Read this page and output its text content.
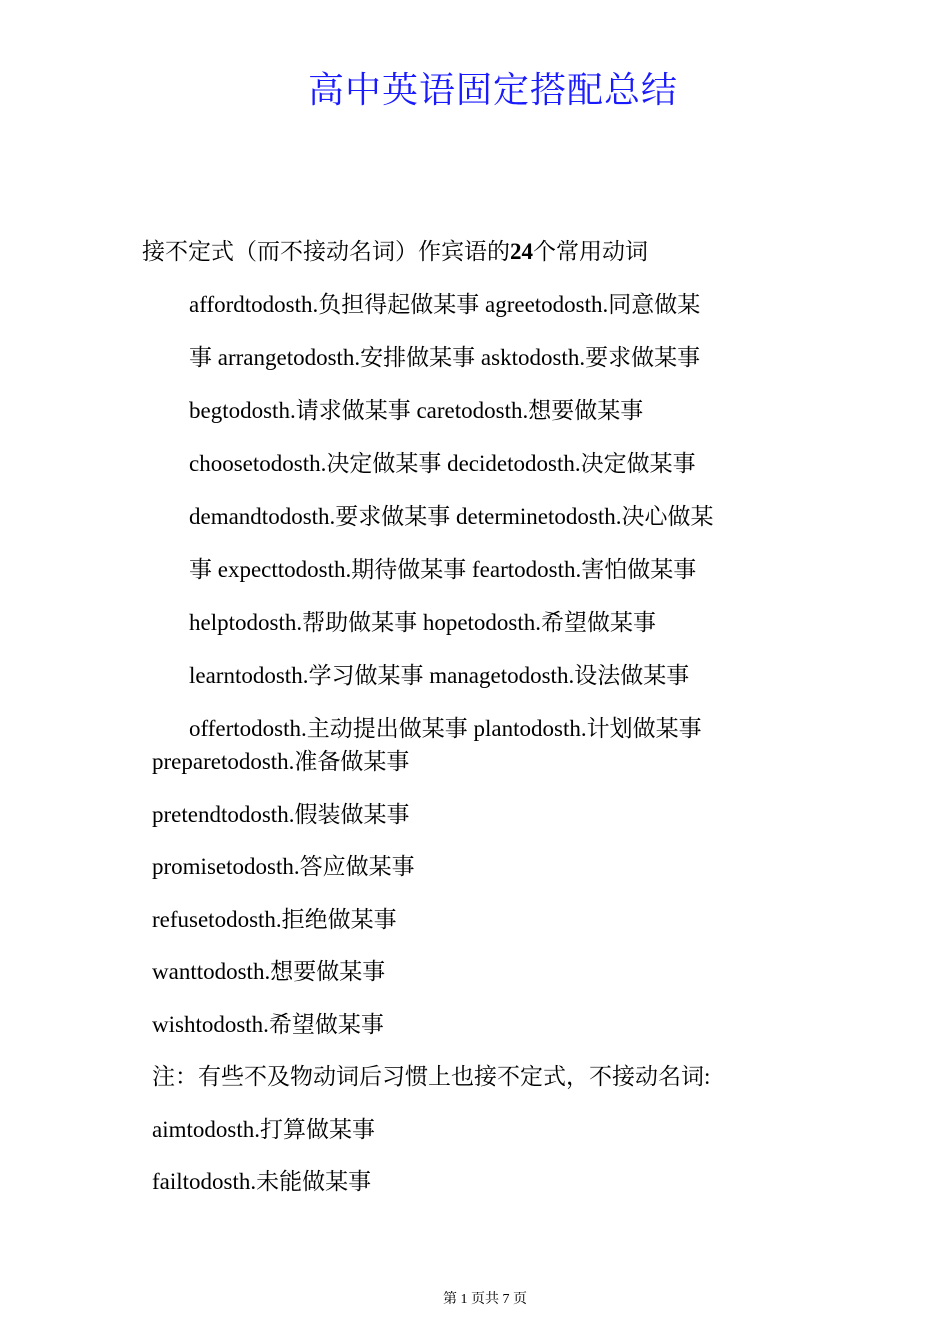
高中英语固定搭配总结
接不定式（而不接动名词）作宾语的24个常用动词
affordtodosth.负担得起做某事 agreetodosth.同意做某
事 arrangetodosth.安排做某事 asktodosth.要求做某事
begtodosth.请求做某事 caretodosth.想要做某事
choosetodosth.决定做某事 decidetodosth.决定做某事
demandtodosth.要求做某事 determinetodosth.决心做某
事 expecttodosth.期待做某事 feartodosth.害怕做某事
helptodosth.帮助做某事 hopetodosth.希望做某事
learntodosth.学习做某事 managetodosth.设法做某事
offertodosth.主动提出做某事 plantodosth.计划做某事
preparetodosth.准备做某事
pretendtodosth.假装做某事
promisetodosth.答应做某事
refusetodosth.拒绝做某事
wanttodosth.想要做某事
wishtodosth.希望做某事
注：有些不及物动词后习惯上也接不定式，不接动名词:
aimtodosth.打算做某事
failtodosth.未能做某事
第 1 页共 7 页
